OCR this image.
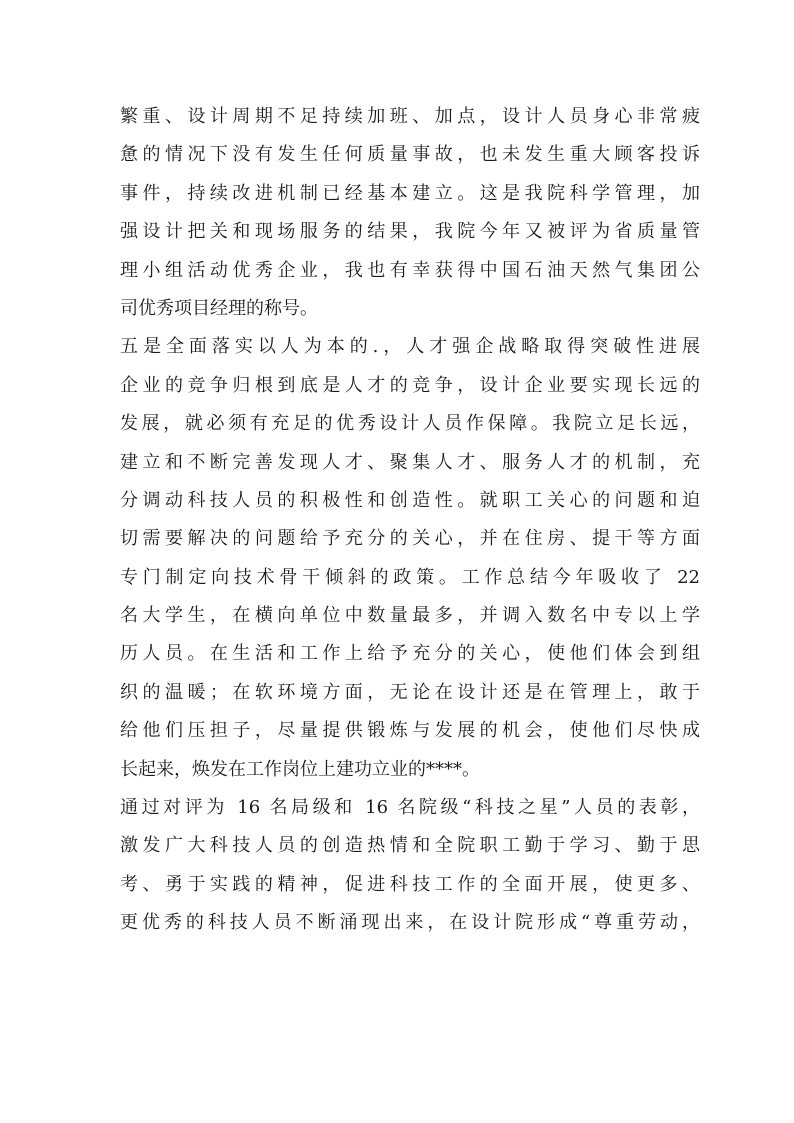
繁重、设计周期不足持续加班、加点，设计人员身心非常疲
惫的情况下没有发生任何质量事故，也未发生重大顾客投诉
事件，持续改进机制已经基本建立。这是我院科学管理，加
强设计把关和现场服务的结果，我院今年又被评为省质量管
理小组活动优秀企业，我也有幸获得中国石油天然气集团公
司优秀项目经理的称号。
五是全面落实以人为本的.，人才强企战略取得突破性进展
企业的竞争归根到底是人才的竞争，设计企业要实现长远的
发展，就必须有充足的优秀设计人员作保障。我院立足长远，
建立和不断完善发现人才、聚集人才、服务人才的机制，充
分调动科技人员的积极性和创造性。就职工关心的问题和迫
切需要解决的问题给予充分的关心，并在住房、提干等方面
专门制定向技术骨干倾斜的政策。工作总结今年吸收了 22
名大学生，在横向单位中数量最多，并调入数名中专以上学
历人员。在生活和工作上给予充分的关心，使他们体会到组
织的温暖；在软环境方面，无论在设计还是在管理上，敢于
给他们压担子，尽量提供锻炼与发展的机会，使他们尽快成
长起来，焕发在工作岗位上建功立业的****。
通过对评为 16 名局级和 16 名院级“科技之星”人员的表彰，
激发广大科技人员的创造热情和全院职工勤于学习、勤于思
考、勇于实践的精神，促进科技工作的全面开展，使更多、
更优秀的科技人员不断涌现出来，在设计院形成“尊重劳动，
